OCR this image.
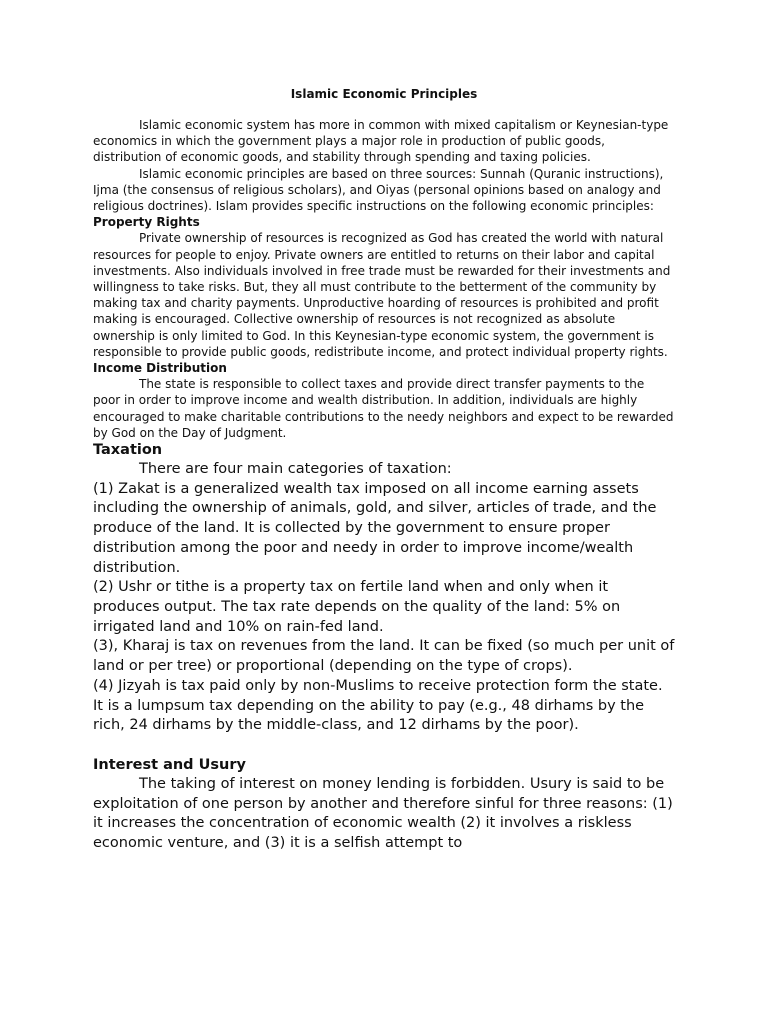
Islamic Economic Principles

Islamic economic system has more in common with mixed capitalism or Keynesian-type economics in which the government plays a major role in production of public goods, distribution of economic goods, and stability through spending and taxing policies.

Islamic economic principles are based on three sources: Sunnah (Quranic instructions), Ijma (the consensus of religious scholars), and Oiyas (personal opinions based on analogy and religious doctrines). Islam provides specific instructions on the following economic principles:

Property Rights

Private ownership of resources is recognized as God has created the world with natural resources for people to enjoy. Private owners are entitled to returns on their labor and capital investments. Also individuals involved in free trade must be rewarded for their investments and willingness to take risks. But, they all must contribute to the betterment of the community by making tax and charity payments. Unproductive hoarding of resources is prohibited and profit making is encouraged. Collective ownership of resources is not recognized as absolute ownership is only limited to God. In this Keynesian-type economic system, the government is responsible to provide public goods, redistribute income, and protect individual property rights.

Income Distribution

The state is responsible to collect taxes and provide direct transfer payments to the poor in order to improve income and wealth distribution. In addition, individuals are highly encouraged to make charitable contributions to the needy neighbors and expect to be rewarded by God on the Day of Judgment.

Taxation

There are four main categories of taxation:

(1) Zakat is a generalized wealth tax imposed on all income earning assets including the ownership of animals, gold, and silver, articles of trade, and the produce of the land. It is collected by the government to ensure proper distribution among the poor and needy in order to improve income/wealth distribution.

(2) Ushr or tithe is a property tax on fertile land when and only when it produces output. The tax rate depends on the quality of the land: 5% on irrigated land and 10% on rain-fed land.

(3), Kharaj is tax on revenues from the land. It can be fixed (so much per unit of land or per tree) or proportional (depending on the type of crops).

(4) Jizyah is tax paid only by non-Muslims to receive protection form the state. It is a lumpsum tax depending on the ability to pay (e.g., 48 dirhams by the rich, 24 dirhams by the middle-class, and 12 dirhams by the poor).

Interest and Usury

The taking of interest on money lending is forbidden. Usury is said to be exploitation of one person by another and therefore sinful for three reasons: (1) it increases the concentration of economic wealth (2) it involves a riskless economic venture, and (3) it is a selfish attempt to
